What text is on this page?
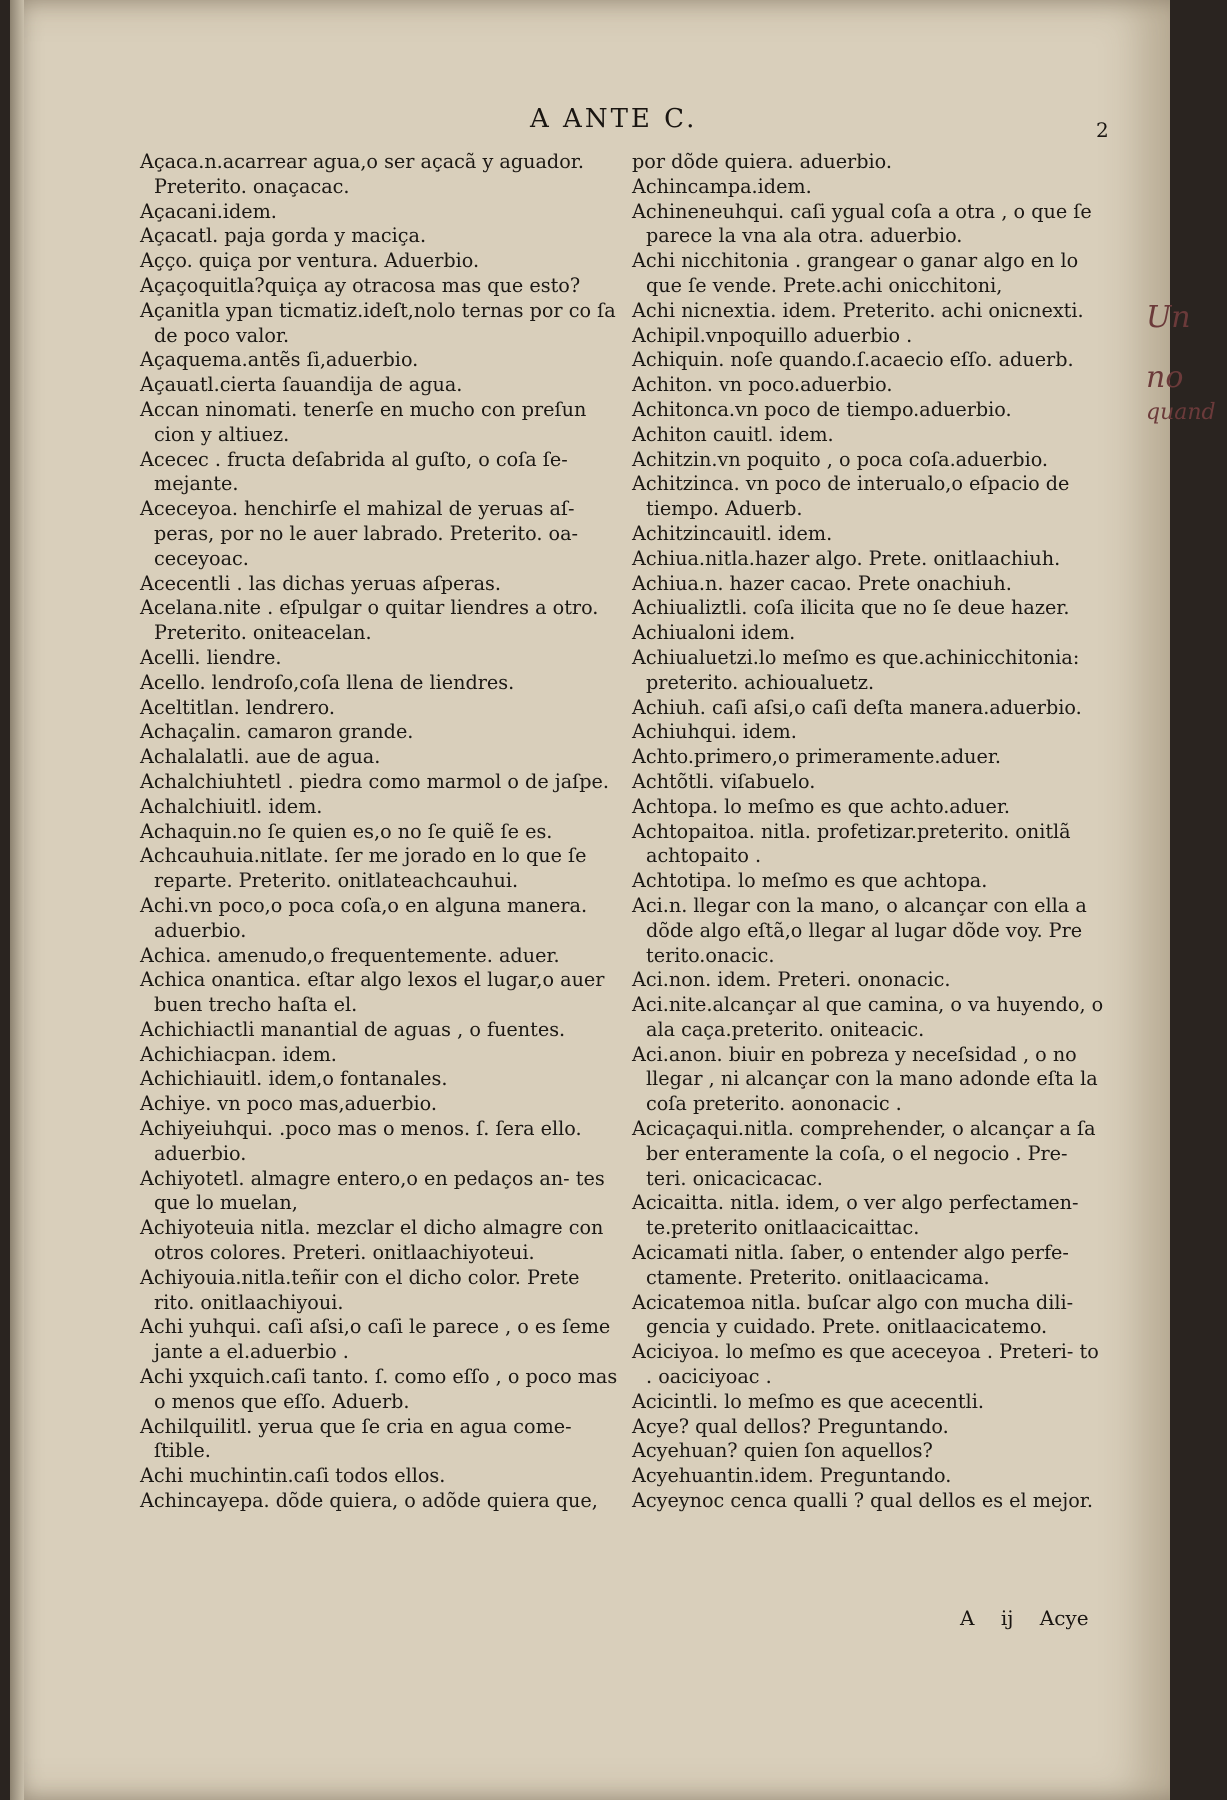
A ANTE C.	2

Açaca.n.acarrear agua,o ser açacã y aguador. Preterito. onaçacac.

Açacani.idem.

Açacatl. paja gorda y maciça.

Açço. quiça por ventura. Aduerbio.

Açaçoquitla?quiça ay otracosa mas que esto?

Açanitla ypan ticmatiz.ideſt,nolo ternas por co ſa de poco valor.

Açaquema.antẽs ſi,aduerbio.

Açauatl.cierta ſauandija de agua.

Accan ninomati. tenerſe en mucho con preſun cion y altiuez.

Acecec . fructa deſabrida al guſto, o coſa ſe- mejante.

Aceceyoa. henchirſe el mahizal de yeruas aſ- peras, por no le auer labrado. Preterito. oa- ceceyoac.

Acecentli . las dichas yeruas aſperas.

Acelana.nite . eſpulgar o quitar liendres a otro. Preterito. oniteacelan.

Acelli. liendre.

Acello. lendroſo,coſa llena de liendres.

Aceltitlan. lendrero.

Achaçalin. camaron grande.

Achalalatli. aue de agua.

Achalchiuhtetl . piedra como marmol o de jaſpe.

Achalchiuitl. idem.

Achaquin.no ſe quien es,o no ſe quiẽ ſe es.

Achcauhuia.nitlate. ſer me jorado en lo que ſe reparte. Preterito. onitlateachcauhui.

Achi.vn poco,o poca coſa,o en alguna manera. aduerbio.

Achica. amenudo,o frequentemente. aduer.

Achica onantica. eſtar algo lexos el lugar,o auer buen trecho haſta el.

Achichiactli manantial de aguas , o fuentes.

Achichiacpan. idem.

Achichiauitl. idem,o fontanales.

Achiye. vn poco mas,aduerbio.

Achiyeiuhqui. .poco mas o menos. ſ. ſera ello. aduerbio.

Achiyotetl. almagre entero,o en pedaços an- tes que lo muelan,

Achiyoteuia nitla. mezclar el dicho almagre con otros colores. Preteri. onitlaachiyoteui.

Achiyouia.nitla.teñir con el dicho color. Prete rito. onitlaachiyoui.

Achi yuhqui. caſi aſsi,o caſi le parece , o es ſeme jante a el.aduerbio .

Achi yxquich.caſi tanto. ſ. como eſſo , o poco mas o menos que eſſo. Aduerb.

Achilquilitl. yerua que ſe cria en agua come- ſtible.

Achi muchintin.caſi todos ellos.

Achincayepa. dõde quiera, o adõde quiera que,

por dõde quiera. aduerbio.

Achincampa.idem.

Achineneuhqui. caſi ygual coſa a otra , o que ſe parece la vna ala otra. aduerbio.

Achi nicchitonia . grangear o ganar algo en lo que ſe vende. Prete.achi onicchitoni,

Achi nicnextia. idem. Preterito. achi onicnexti.

Achipil.vnpoquillo aduerbio .

Achiquin. noſe quando.ſ.acaecio eſſo. aduerb.

Achiton. vn poco.aduerbio.

Achitonca.vn poco de tiempo.aduerbio.

Achiton cauitl. idem.

Achitzin.vn poquito , o poca coſa.aduerbio.

Achitzinca. vn poco de interualo,o eſpacio de tiempo. Aduerb.

Achitzincauitl. idem.

Achiua.nitla.hazer algo. Prete. onitlaachiuh.

Achiua.n. hazer cacao. Prete onachiuh.

Achiualiztli. coſa ilicita que no ſe deue hazer.

Achiualoni idem.

Achiualuetzi.lo meſmo es que.achinicchitonia: preterito. achioualuetz.

Achiuh. caſi aſsi,o caſi deſta manera.aduerbio.

Achiuhqui. idem.

Achto.primero,o primeramente.aduer.

Achtõtli. viſabuelo.

Achtopa. lo meſmo es que achto.aduer.

Achtopaitoa. nitla. profetizar.preterito. onitlã achtopaito .

Achtotipa. lo meſmo es que achtopa.

Aci.n. llegar con la mano, o alcançar con ella a dõde algo eſtã,o llegar al lugar dõde voy. Pre terito.onacic.

Aci.non. idem. Preteri. ononacic.

Aci.nite.alcançar al que camina, o va huyendo, o ala caça.preterito. oniteacic.

Aci.anon. biuir en pobreza y neceſsidad , o no llegar , ni alcançar con la mano adonde eſta la coſa preterito. aononacic .

Acicaçaqui.nitla. comprehender, o alcançar a ſa ber enteramente la coſa, o el negocio . Pre- teri. onicacicacac.

Acicaitta. nitla. idem, o ver algo perfectamen- te.preterito onitlaacicaittac.

Acicamati nitla. ſaber, o entender algo perfe- ctamente. Preterito. onitlaacicama.

Acicatemoa nitla. buſcar algo con mucha dili- gencia y cuidado. Prete. onitlaacicatemo.

Aciciyoa. lo meſmo es que aceceyoa . Preteri- to . oaciciyoac .

Acicintli. lo meſmo es que acecentli.

Acye? qual dellos? Preguntando.

Acyehuan? quien ſon aquellos?

Acyehuantin.idem. Preguntando.

Acyeynoc cenca qualli ? qual dellos es el mejor.

A ij Acye
Un
no
quand
